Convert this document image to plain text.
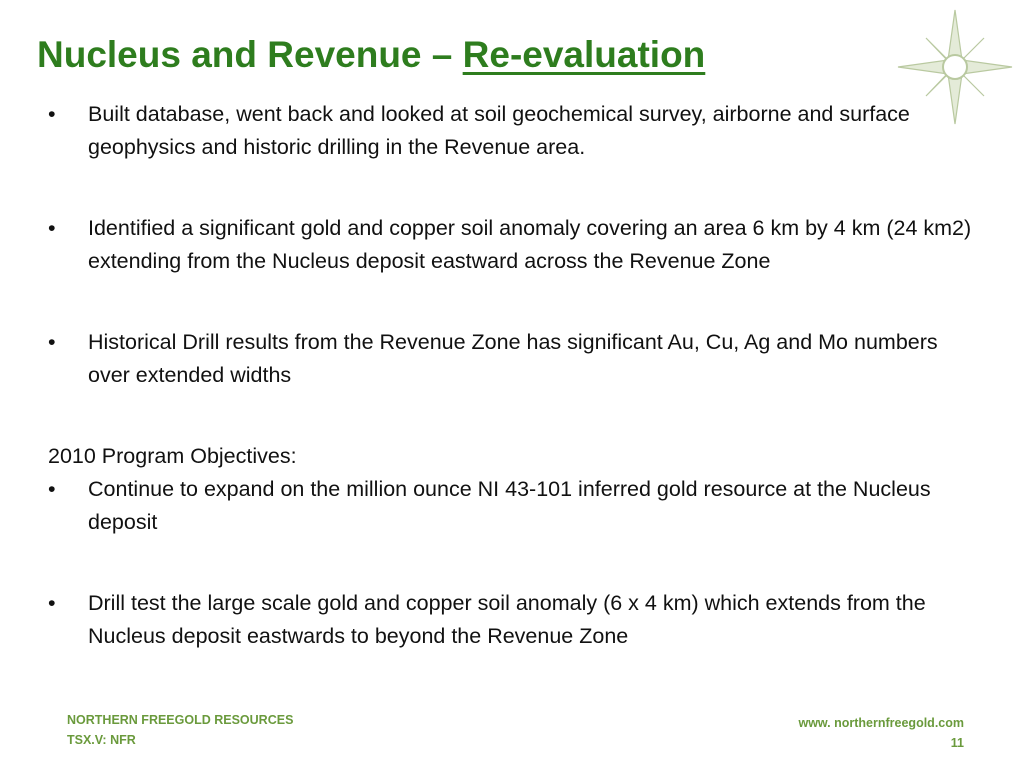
Nucleus and Revenue – Re-evaluation
•	Built database, went back and looked at soil geochemical survey, airborne and surface geophysics and historic drilling in the Revenue area.
•	Identified a significant gold and copper soil anomaly covering an area 6 km by 4 km (24 km2) extending from the Nucleus deposit eastward across the Revenue Zone
•	Historical Drill results from the Revenue Zone has significant Au, Cu, Ag and Mo numbers over extended widths
2010 Program Objectives:
•	Continue to expand on the million ounce NI 43-101 inferred gold resource at the Nucleus deposit
•	Drill test the large scale gold and copper soil anomaly (6 x 4 km) which extends from the Nucleus deposit eastwards to beyond the Revenue Zone
NORTHERN FREEGOLD RESOURCES
TSX.V: NFR
www. northernfreegold.com
11
